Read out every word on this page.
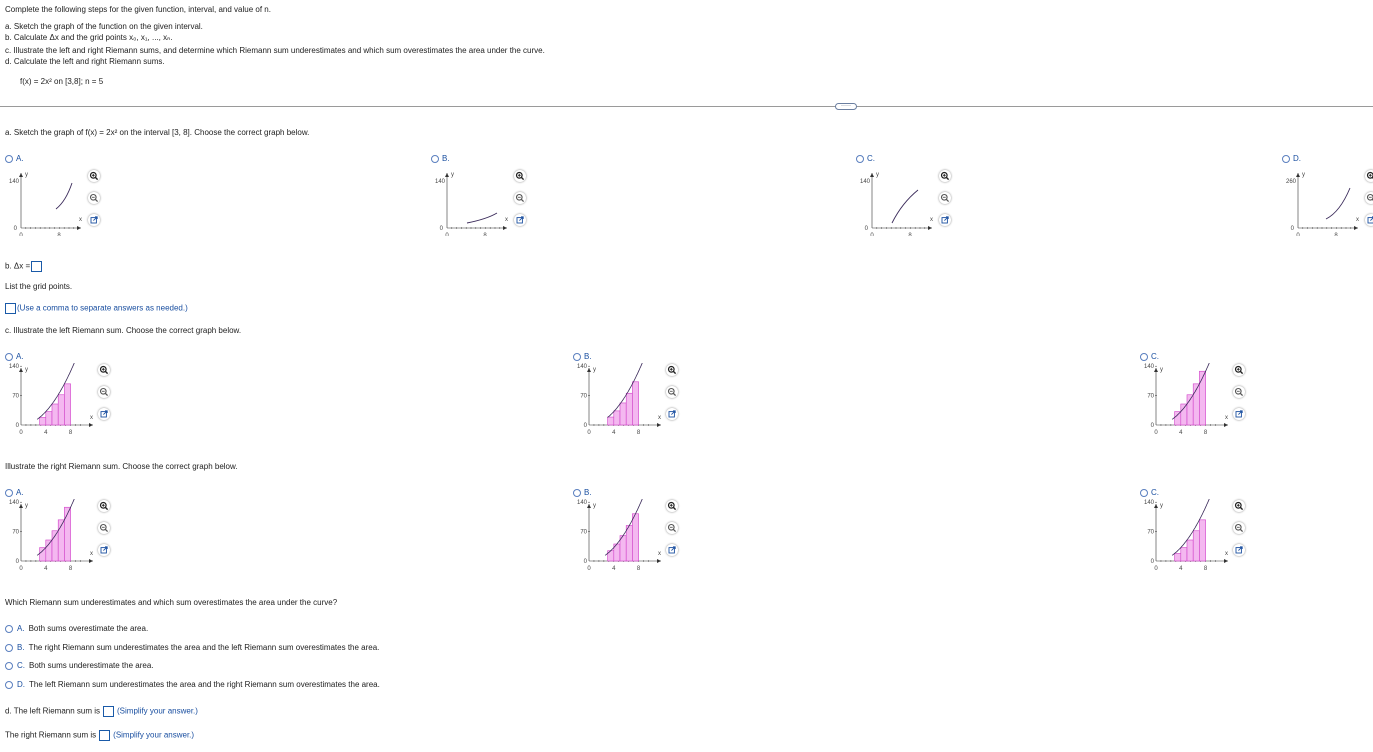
Complete the following steps for the given function, interval, and value of n.
a. Sketch the graph of the function on the given interval.
b. Calculate Δx and the grid points x₀, x₁, ..., xₙ.
c. Illustrate the left and right Riemann sums, and determine which Riemann sum underestimates and which sum overestimates the area under the curve.
d. Calculate the left and right Riemann sums.
f(x) = 2x² on [3,8]; n = 5
·····
a. Sketch the graph of f(x) = 2x² on the interval [3, 8]. Choose the correct graph below.
A.
140
y
x
0
0	8
B.
140
y
x
0
0	8
C.
140
y
x
0
0	8
D.
260
y
x
0
0	8
b. Δx =
List the grid points.
(Use a comma to separate answers as needed.)
c. Illustrate the left Riemann sum. Choose the correct graph below.
Illustrate the right Riemann sum. Choose the correct graph below.
A.
140
70
0
0	4	8
y
x
B.
140
70
0
0	4	8
y
x
C.
140
70
0
0	4	8
y
x
A.
140
70
0
0	4	8
y
x
B.
140
70
0
0	4	8
y
x
C.
140
70
0
0	4	8
y
x
Which Riemann sum underestimates and which sum overestimates the area under the curve?
A. Both sums overestimate the area.
B. The right Riemann sum underestimates the area and the left Riemann sum overestimates the area.
C. Both sums underestimate the area.
D. The left Riemann sum underestimates the area and the right Riemann sum overestimates the area.
d. The left Riemann sum is (Simplify your answer.)
The right Riemann sum is (Simplify your answer.)
